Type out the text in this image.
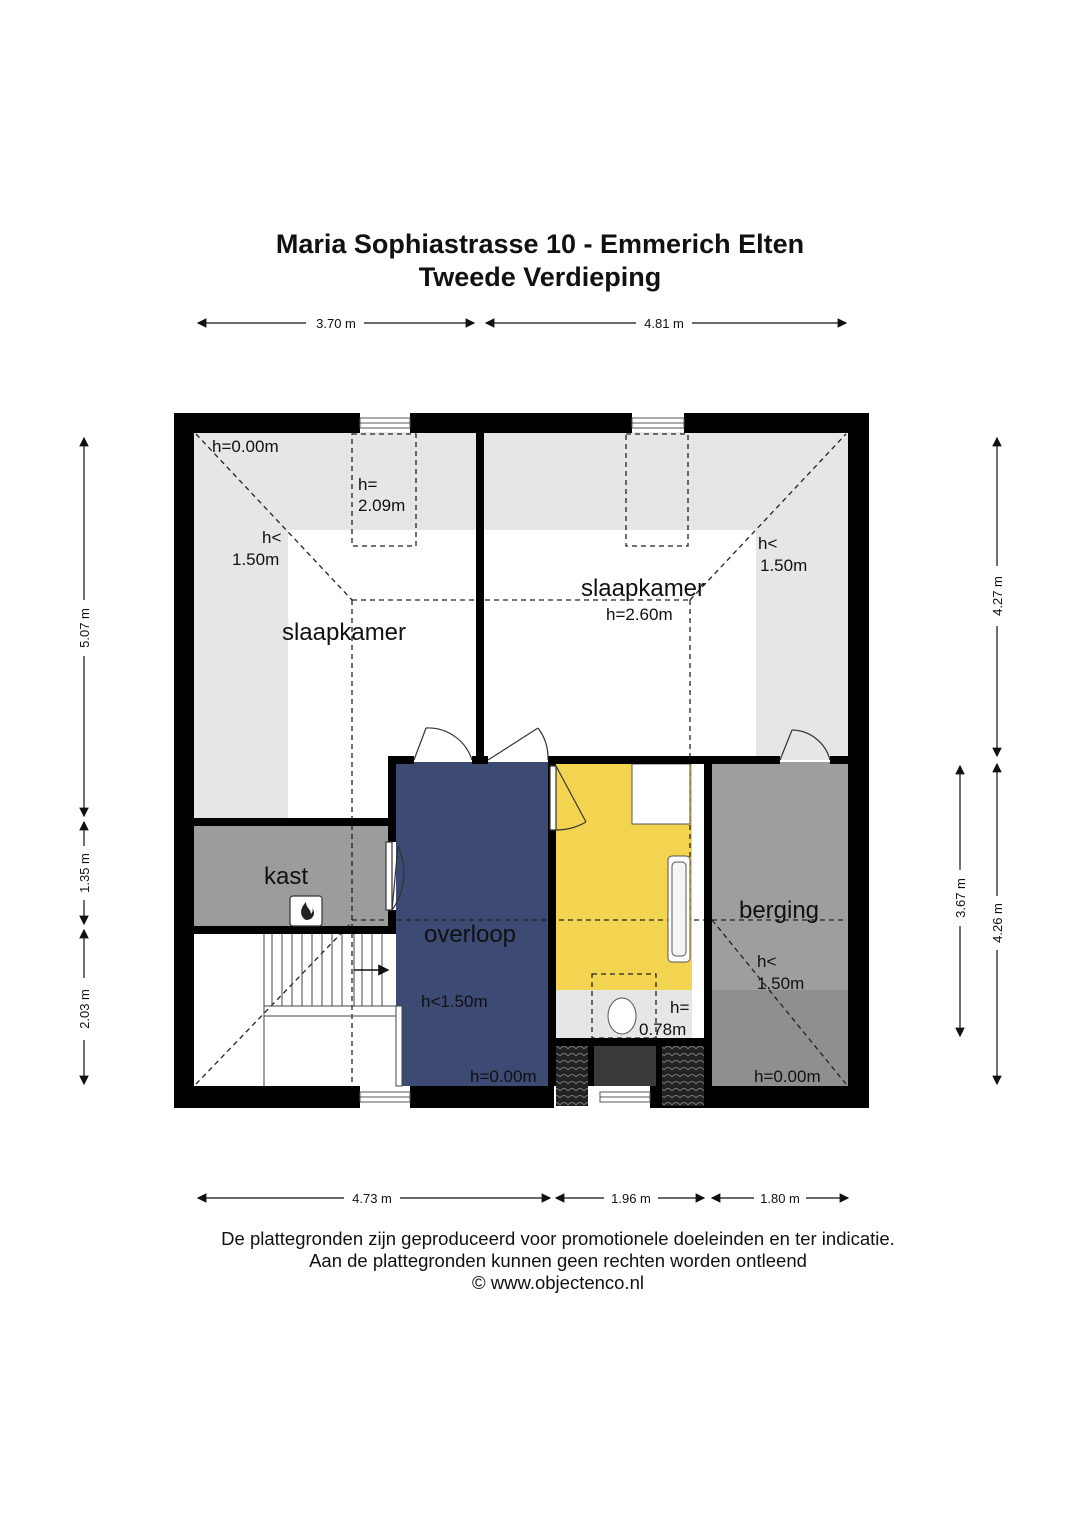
Maria Sophiastrasse 10 - Emmerich Elten
Tweede Verdieping
3.70 m	4.81 m
4.73 m	1.96 m	1.80 m
5.07 m
1.35 m
2.03 m
4.27 m
3.67 m
4.26 m
slaapkamer
slaapkamer
kast
overloop
berging
h=0.00m
h=
2.09m
h<
1.50m
h=2.60m
h<
1.50m
h<1.50m
h=0.00m
h=
0.78m
h<
1.50m
h=0.00m
De plattegronden zijn geproduceerd voor promotionele doeleinden en ter indicatie.
Aan de plattegronden kunnen geen rechten worden ontleend
© www.objectenco.nl
